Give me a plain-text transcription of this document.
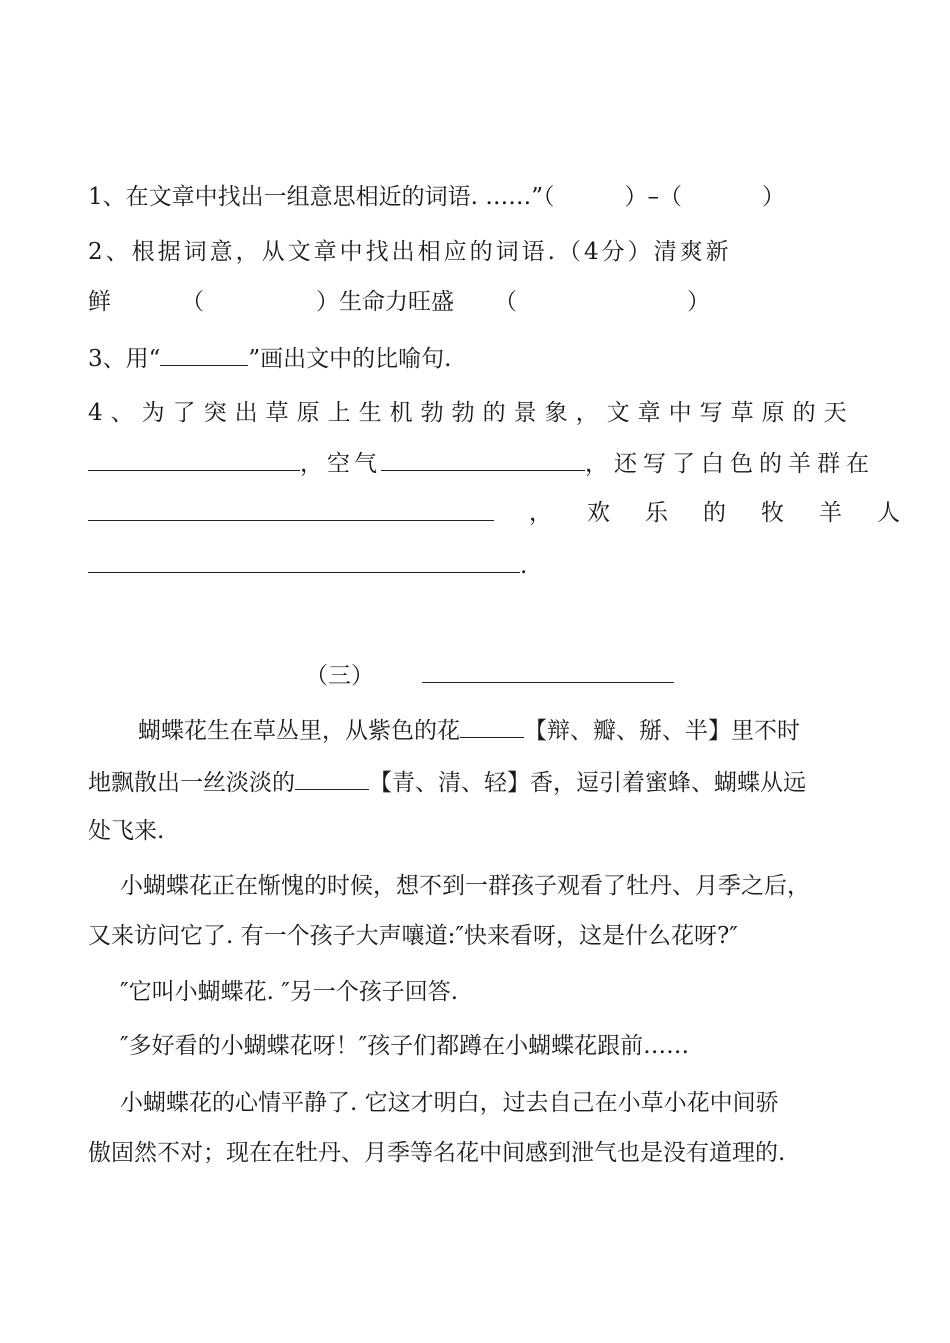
1、在文章中找出一组意思相近的词语. ……”（	）–（	）
2、根据词意，从文章中找出相应的词语.（4分）清爽新
鲜	（	）生命力旺盛 （	）
3、用“	”画出文中的比喻句.
4、为了突出草原上生机勃勃的景象，文章中写草原的天
，空气	，还写了白色的羊群在
， 欢 乐 的 牧 羊 人
.
（三）
蝴蝶花生在草丛里，从紫色的花	【辩、瓣、掰、半】里不时
地飘散出一丝淡淡的	【青、清、轻】香，逗引着蜜蜂、蝴蝶从远
处飞来.
小蝴蝶花正在惭愧的时候，想不到一群孩子观看了牡丹、月季之后，
又来访问它了. 有一个孩子大声嚷道:″快来看呀，这是什么花呀?″
″它叫小蝴蝶花. ″另一个孩子回答.
″多好看的小蝴蝶花呀！″孩子们都蹲在小蝴蝶花跟前……
小蝴蝶花的心情平静了. 它这才明白，过去自己在小草小花中间骄
傲固然不对；现在在牡丹、月季等名花中间感到泄气也是没有道理的.
